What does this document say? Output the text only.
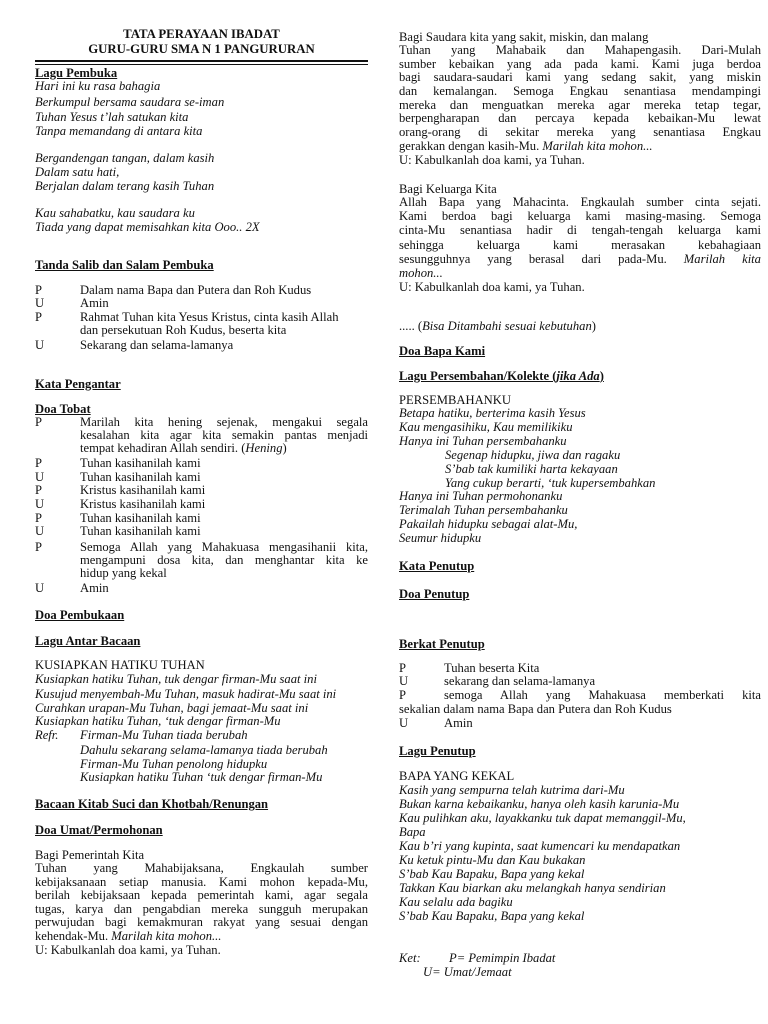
TATA PERAYAAN IBADAT
GURU-GURU SMA N 1 PANGURURAN
Lagu Pembuka
Hari ini ku rasa bahagia
Berkumpul bersama saudara se-iman
Tuhan Yesus t’lah satukan kita
Tanpa memandang di antara kita
Bergandengan tangan, dalam kasih
Dalam satu hati,
Berjalan dalam terang kasih Tuhan
Kau sahabatku, kau saudara ku
Tiada yang dapat memisahkan kita Ooo.. 2X
Tanda Salib dan Salam Pembuka
P	Dalam nama Bapa dan Putera dan Roh Kudus
U	Amin
P	Rahmat Tuhan kita Yesus Kristus, cinta kasih Allah
dan persekutuan Roh Kudus, beserta kita
U	Sekarang dan selama-lamanya
Kata Pengantar
Doa Tobat
P	Marilah kita hening sejenak, mengakui segala
kesalahan kita agar kita semakin pantas menjadi
tempat kehadiran Allah sendiri. (Hening)
P	Tuhan kasihanilah kami
U	Tuhan kasihanilah kami
P	Kristus kasihanilah kami
U	Kristus kasihanilah kami
P	Tuhan kasihanilah kami
U	Tuhan kasihanilah kami
P	Semoga Allah yang Mahakuasa mengasihanii kita,
mengampuni dosa kita, dan menghantar kita ke
hidup yang kekal
U	Amin
Doa Pembukaan
Lagu Antar Bacaan
KUSIAPKAN HATIKU TUHAN
Kusiapkan hatiku Tuhan, tuk dengar firman-Mu saat ini
Kusujud menyembah-Mu Tuhan, masuk hadirat-Mu saat ini
Curahkan urapan-Mu Tuhan, bagi jemaat-Mu saat ini
Kusiapkan hatiku Tuhan, ‘tuk dengar firman-Mu
Refr. Firman-Mu Tuhan tiada berubah
Dahulu sekarang selama-lamanya tiada berubah
Firman-Mu Tuhan penolong hidupku
Kusiapkan hatiku Tuhan ‘tuk dengar firman-Mu
Bacaan Kitab Suci dan Khotbah/Renungan
Doa Umat/Permohonan
Bagi Pemerintah Kita
Tuhan yang Mahabijaksana, Engkaulah sumber
kebijaksanaan setiap manusia. Kami mohon kepada-Mu,
berilah kebijaksaan kepada pemerintah kami, agar segala
tugas, karya dan pengabdian mereka sungguh merupakan
perwujudan bagi kemakmuran rakyat yang sesuai dengan
kehendak-Mu. Marilah kita mohon...
U: Kabulkanlah doa kami, ya Tuhan.
Bagi Saudara kita yang sakit, miskin, dan malang
Tuhan yang Mahabaik dan Mahapengasih. Dari-Mulah
sumber kebaikan yang ada pada kami. Kami juga berdoa
bagi saudara-saudari kami yang sedang sakit, yang miskin
dan kemalangan. Semoga Engkau senantiasa mendampingi
mereka dan menguatkan mereka agar mereka tetap tegar,
berpengharapan dan percaya kepada kebaikan-Mu lewat
orang-orang di sekitar mereka yang senantiasa Engkau
gerakkan dengan kasih-Mu. Marilah kita mohon...
U: Kabulkanlah doa kami, ya Tuhan.
Bagi Keluarga Kita
Allah Bapa yang Mahacinta. Engkaulah sumber cinta sejati.
Kami berdoa bagi keluarga kami masing-masing. Semoga
cinta-Mu senantiasa hadir di tengah-tengah keluarga kami
sehingga keluarga kami merasakan kebahagiaan
sesungguhnya yang berasal dari pada-Mu. Marilah kita
mohon...
U: Kabulkanlah doa kami, ya Tuhan.
..... (Bisa Ditambahi sesuai kebutuhan)
Doa Bapa Kami
Lagu Persembahan/Kolekte (jika Ada)
PERSEMBAHANKU
Betapa hatiku, berterima kasih Yesus
Kau mengasihiku, Kau memilikiku
Hanya ini Tuhan persembahanku
Segenap hidupku, jiwa dan ragaku
S’bab tak kumiliki harta kekayaan
Yang cukup berarti, ‘tuk kupersembahkan
Hanya ini Tuhan permohonanku
Terimalah Tuhan persembahanku
Pakailah hidupku sebagai alat-Mu,
Seumur hidupku
Kata Penutup
Doa Penutup
Berkat Penutup
P	Tuhan beserta Kita
U	sekarang dan selama-lamanya
P	semoga Allah yang Mahakuasa memberkati kita
sekalian dalam nama Bapa dan Putera dan Roh Kudus
U	Amin
Lagu Penutup
BAPA YANG KEKAL
Kasih yang sempurna telah kutrima dari-Mu
Bukan karna kebaikanku, hanya oleh kasih karunia-Mu
Kau pulihkan aku, layakkanku tuk dapat memanggil-Mu,
Bapa
Kau b’ri yang kupinta, saat kumencari ku mendapatkan
Ku ketuk pintu-Mu dan Kau bukakan
S’bab Kau Bapaku, Bapa yang kekal
Takkan Kau biarkan aku melangkah hanya sendirian
Kau selalu ada bagiku
S’bab Kau Bapaku, Bapa yang kekal
Ket: P= Pemimpin Ibadat
U= Umat/Jemaat
